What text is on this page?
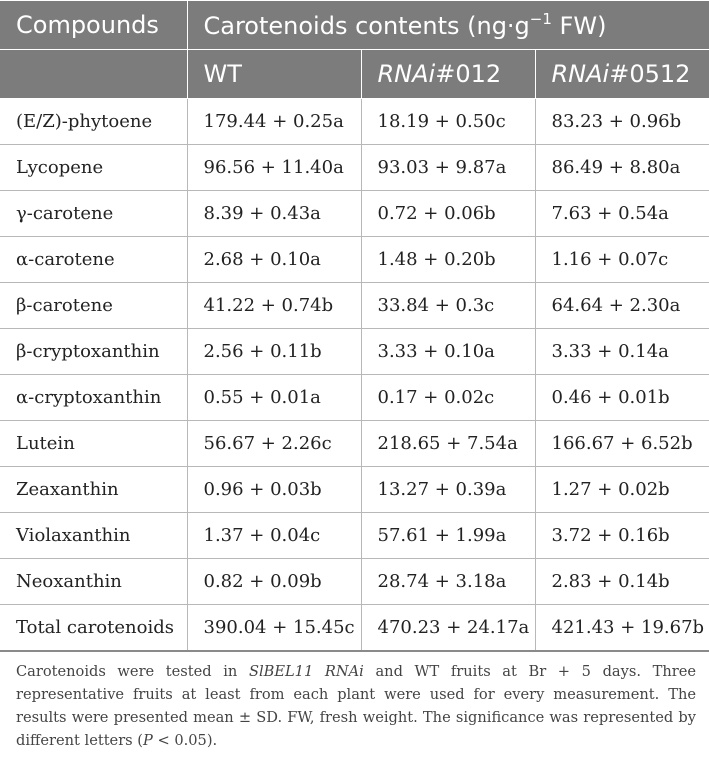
Compounds	Carotenoids contents ($ng\cdot g^{-1}$ FW)		
	WT	RNAi#012	RNAi#0512
(E/Z)-phytoene	179.44 + 0.25a	18.19 + 0.50c	83.23 + 0.96b
Lycopene	96.56 + 11.40a	93.03 + 9.87a	86.49 + 8.80a
γ-carotene	8.39 + 0.43a	0.72 + 0.06b	7.63 + 0.54a
α-carotene	2.68 + 0.10a	1.48 + 0.20b	1.16 + 0.07c
β-carotene	41.22 + 0.74b	33.84 + 0.3c	64.64 + 2.30a
β-cryptoxanthin	2.56 + 0.11b	3.33 + 0.10a	3.33 + 0.14a
α-cryptoxanthin	0.55 + 0.01a	0.17 + 0.02c	0.46 + 0.01b
Lutein	56.67 + 2.26c	218.65 + 7.54a	166.67 + 6.52b
Zeaxanthin	0.96 + 0.03b	13.27 + 0.39a	1.27 + 0.02b
Violaxanthin	1.37 + 0.04c	57.61 + 1.99a	3.72 + 0.16b
Neoxanthin	0.82 + 0.09b	28.74 + 3.18a	2.83 + 0.14b
Total carotenoids	390.04 + 15.45c	470.23 + 24.17a	421.43 + 19.67b
Carotenoids were tested in SlBEL11 RNAi and WT fruits at Br + 5 days. Three representative fruits at least from each plant were used for every measurement. The results were presented mean ± SD. FW, fresh weight. The significance was represented by different letters (P < 0.05).
